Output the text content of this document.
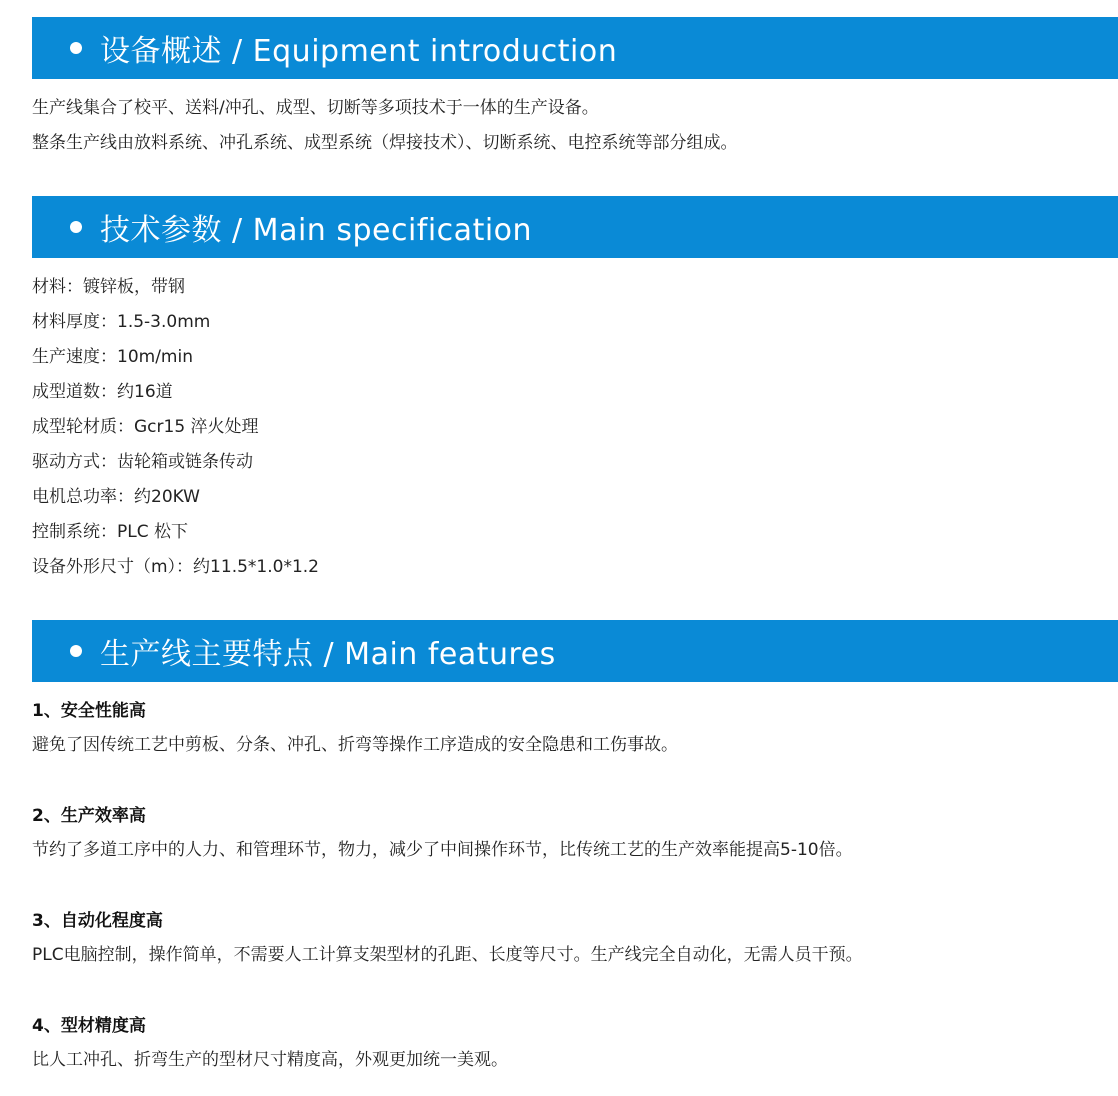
设备概述 / Equipment introduction
生产线集合了校平、送料/冲孔、成型、切断等多项技术于一体的生产设备。
整条生产线由放料系统、冲孔系统、成型系统（焊接技术）、切断系统、电控系统等部分组成。
技术参数 / Main specification
材料：镀锌板，带钢
材料厚度：1.5-3.0mm
生产速度：10m/min
成型道数：约16道
成型轮材质：Gcr15 淬火处理
驱动方式：齿轮箱或链条传动
电机总功率：约20KW
控制系统：PLC 松下
设备外形尺寸（m）：约11.5*1.0*1.2
生产线主要特点 / Main features
1、安全性能高
避免了因传统工艺中剪板、分条、冲孔、折弯等操作工序造成的安全隐患和工伤事故。
2、生产效率高
节约了多道工序中的人力、和管理环节，物力，减少了中间操作环节，比传统工艺的生产效率能提高5-10倍。
3、自动化程度高
PLC电脑控制，操作简单，不需要人工计算支架型材的孔距、长度等尺寸。生产线完全自动化，无需人员干预。
4、型材精度高
比人工冲孔、折弯生产的型材尺寸精度高，外观更加统一美观。
